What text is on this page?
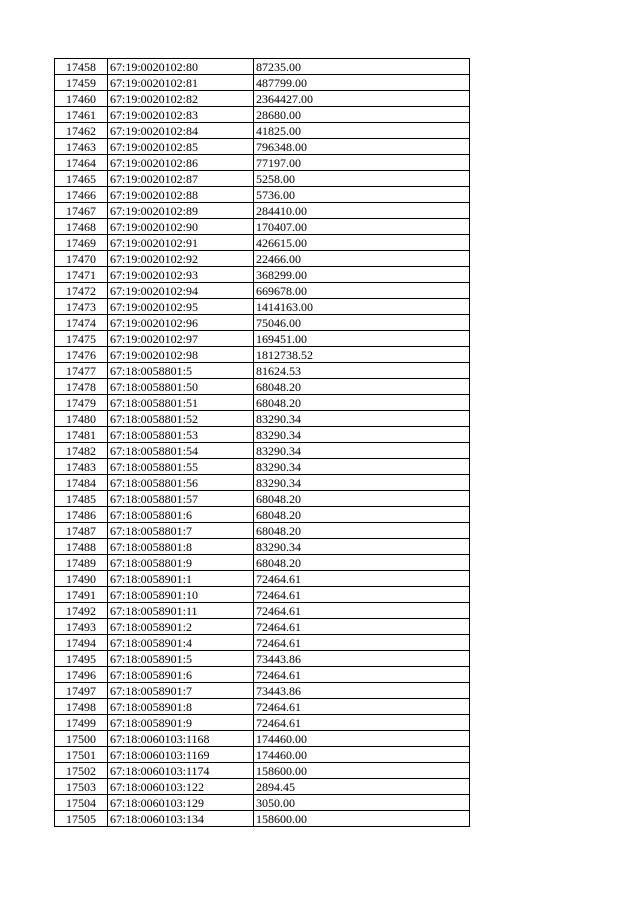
17458	67:19:0020102:80	87235.00
17459	67:19:0020102:81	487799.00
17460	67:19:0020102:82	2364427.00
17461	67:19:0020102:83	28680.00
17462	67:19:0020102:84	41825.00
17463	67:19:0020102:85	796348.00
17464	67:19:0020102:86	77197.00
17465	67:19:0020102:87	5258.00
17466	67:19:0020102:88	5736.00
17467	67:19:0020102:89	284410.00
17468	67:19:0020102:90	170407.00
17469	67:19:0020102:91	426615.00
17470	67:19:0020102:92	22466.00
17471	67:19:0020102:93	368299.00
17472	67:19:0020102:94	669678.00
17473	67:19:0020102:95	1414163.00
17474	67:19:0020102:96	75046.00
17475	67:19:0020102:97	169451.00
17476	67:19:0020102:98	1812738.52
17477	67:18:0058801:5	81624.53
17478	67:18:0058801:50	68048.20
17479	67:18:0058801:51	68048.20
17480	67:18:0058801:52	83290.34
17481	67:18:0058801:53	83290.34
17482	67:18:0058801:54	83290.34
17483	67:18:0058801:55	83290.34
17484	67:18:0058801:56	83290.34
17485	67:18:0058801:57	68048.20
17486	67:18:0058801:6	68048.20
17487	67:18:0058801:7	68048.20
17488	67:18:0058801:8	83290.34
17489	67:18:0058801:9	68048.20
17490	67:18:0058901:1	72464.61
17491	67:18:0058901:10	72464.61
17492	67:18:0058901:11	72464.61
17493	67:18:0058901:2	72464.61
17494	67:18:0058901:4	72464.61
17495	67:18:0058901:5	73443.86
17496	67:18:0058901:6	72464.61
17497	67:18:0058901:7	73443.86
17498	67:18:0058901:8	72464.61
17499	67:18:0058901:9	72464.61
17500	67:18:0060103:1168	174460.00
17501	67:18:0060103:1169	174460.00
17502	67:18:0060103:1174	158600.00
17503	67:18:0060103:122	2894.45
17504	67:18:0060103:129	3050.00
17505	67:18:0060103:134	158600.00
